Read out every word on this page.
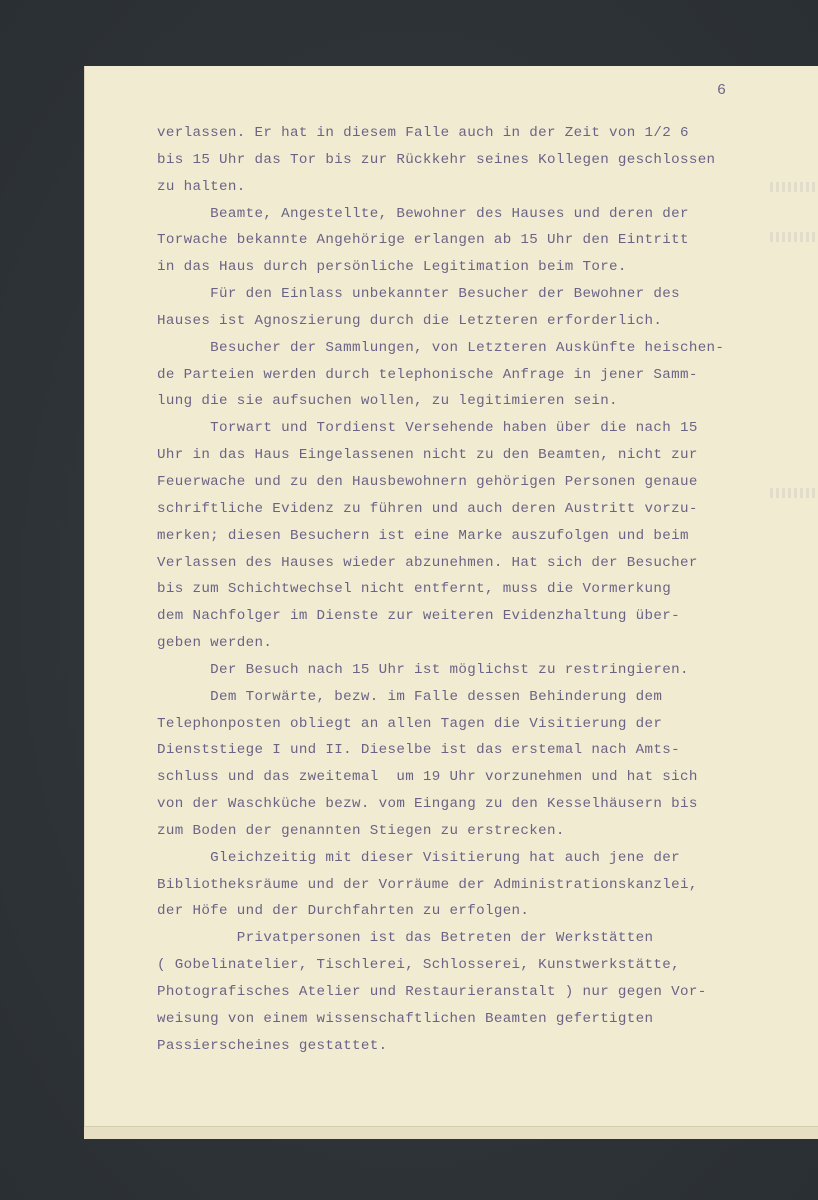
6
verlassen. Er hat in diesem Falle auch in der Zeit von 1/2 6
bis 15 Uhr das Tor bis zur Rückkehr seines Kollegen geschlossen
zu halten.
Beamte, Angestellte, Bewohner des Hauses und deren der
Torwache bekannte Angehörige erlangen ab 15 Uhr den Eintritt
in das Haus durch persönliche Legitimation beim Tore.
Für den Einlass unbekannter Besucher der Bewohner des
Hauses ist Agnoszierung durch die Letzteren erforderlich.
Besucher der Sammlungen, von Letzteren Auskünfte heischen-
de Parteien werden durch telephonische Anfrage in jener Samm-
lung die sie aufsuchen wollen, zu legitimieren sein.
Torwart und Tordienst Versehende haben über die nach 15
Uhr in das Haus Eingelassenen nicht zu den Beamten, nicht zur
Feuerwache und zu den Hausbewohnern gehörigen Personen genaue
schriftliche Evidenz zu führen und auch deren Austritt vorzu-
merken; diesen Besuchern ist eine Marke auszufolgen und beim
Verlassen des Hauses wieder abzunehmen. Hat sich der Besucher
bis zum Schichtwechsel nicht entfernt, muss die Vormerkung
dem Nachfolger im Dienste zur weiteren Evidenzhaltung über-
geben werden.
Der Besuch nach 15 Uhr ist möglichst zu restringieren.
Dem Torwärte, bezw. im Falle dessen Behinderung dem
Telephonposten obliegt an allen Tagen die Visitierung der
Dienststiege I und II. Dieselbe ist das erstemal nach Amts-
schluss und das zweitemal  um 19 Uhr vorzunehmen und hat sich
von der Waschküche bezw. vom Eingang zu den Kesselhäusern bis
zum Boden der genannten Stiegen zu erstrecken.
Gleichzeitig mit dieser Visitierung hat auch jene der
Bibliotheksräume und der Vorräume der Administrationskanzlei,
der Höfe und der Durchfahrten zu erfolgen.
Privatpersonen ist das Betreten der Werkstätten
( Gobelinatelier, Tischlerei, Schlosserei, Kunstwerkstätte,
Photografisches Atelier und Restaurieranstalt ) nur gegen Vor-
weisung von einem wissenschaftlichen Beamten gefertigten
Passierscheines gestattet.
